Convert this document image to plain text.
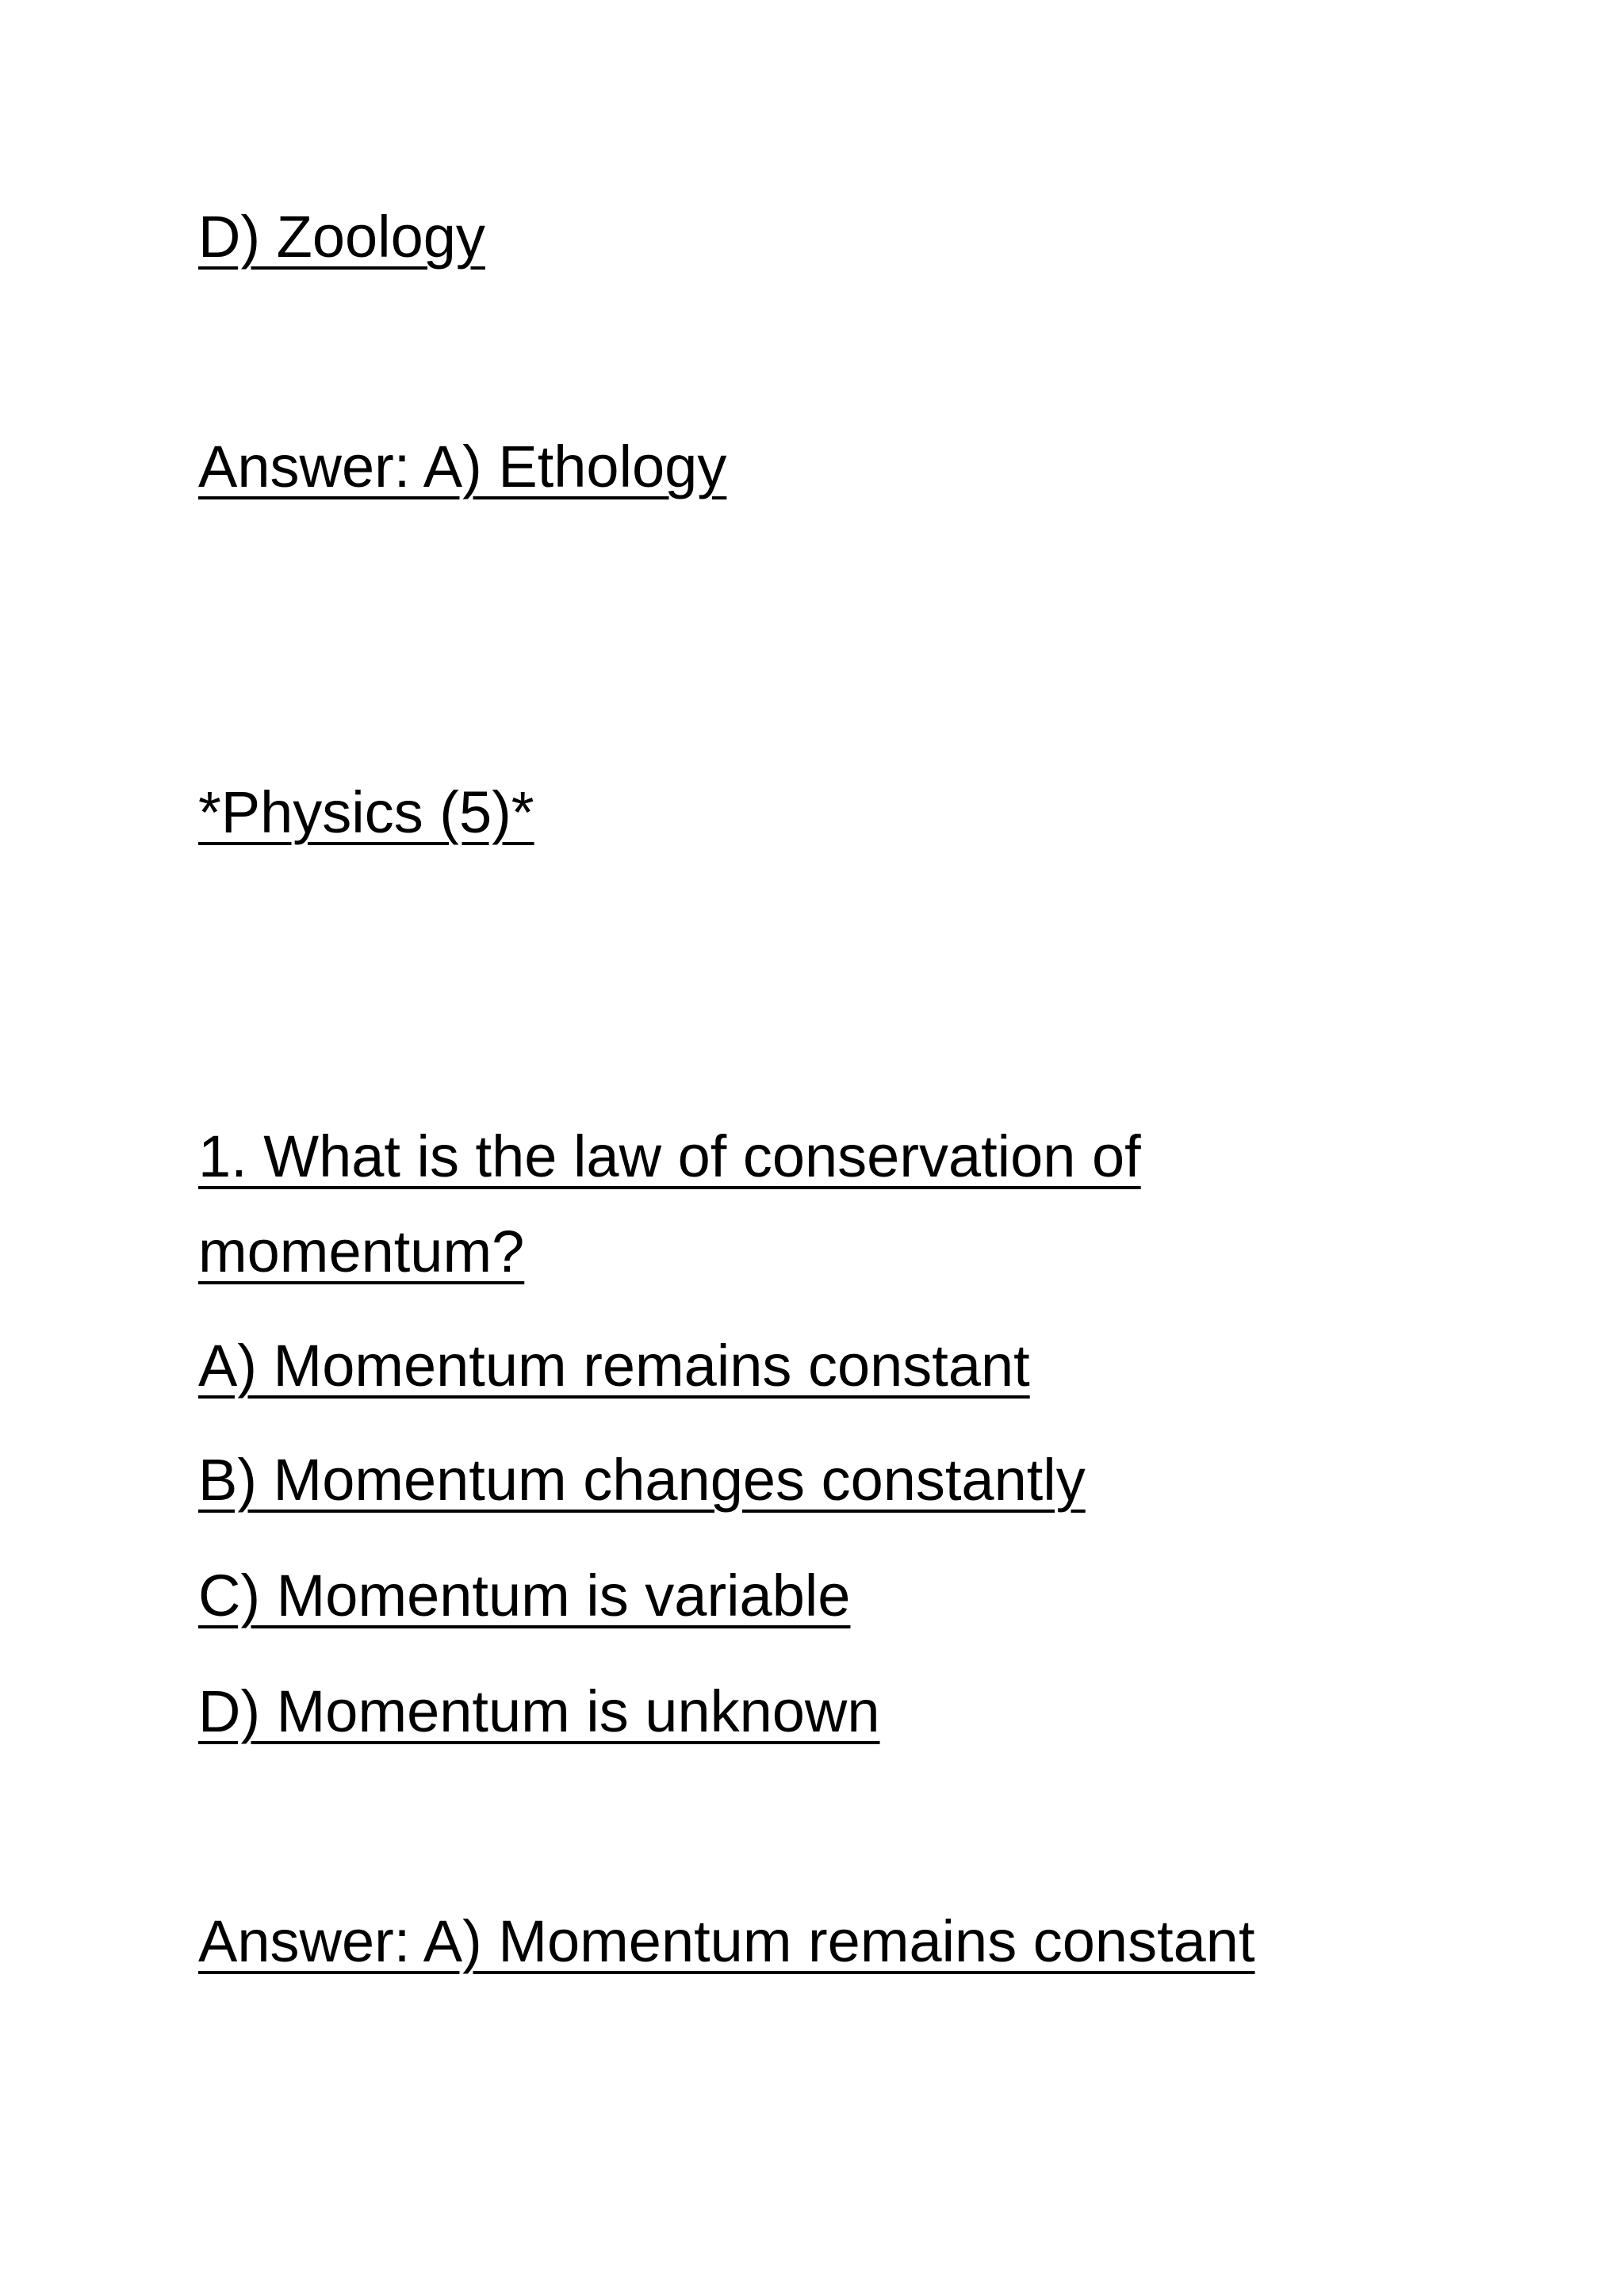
D) Zoology

Answer: A) Ethology

*Physics (5)*

1. What is the law of conservation of

momentum?

A) Momentum remains constant

B) Momentum changes constantly

C) Momentum is variable

D) Momentum is unknown

Answer: A) Momentum remains constant
